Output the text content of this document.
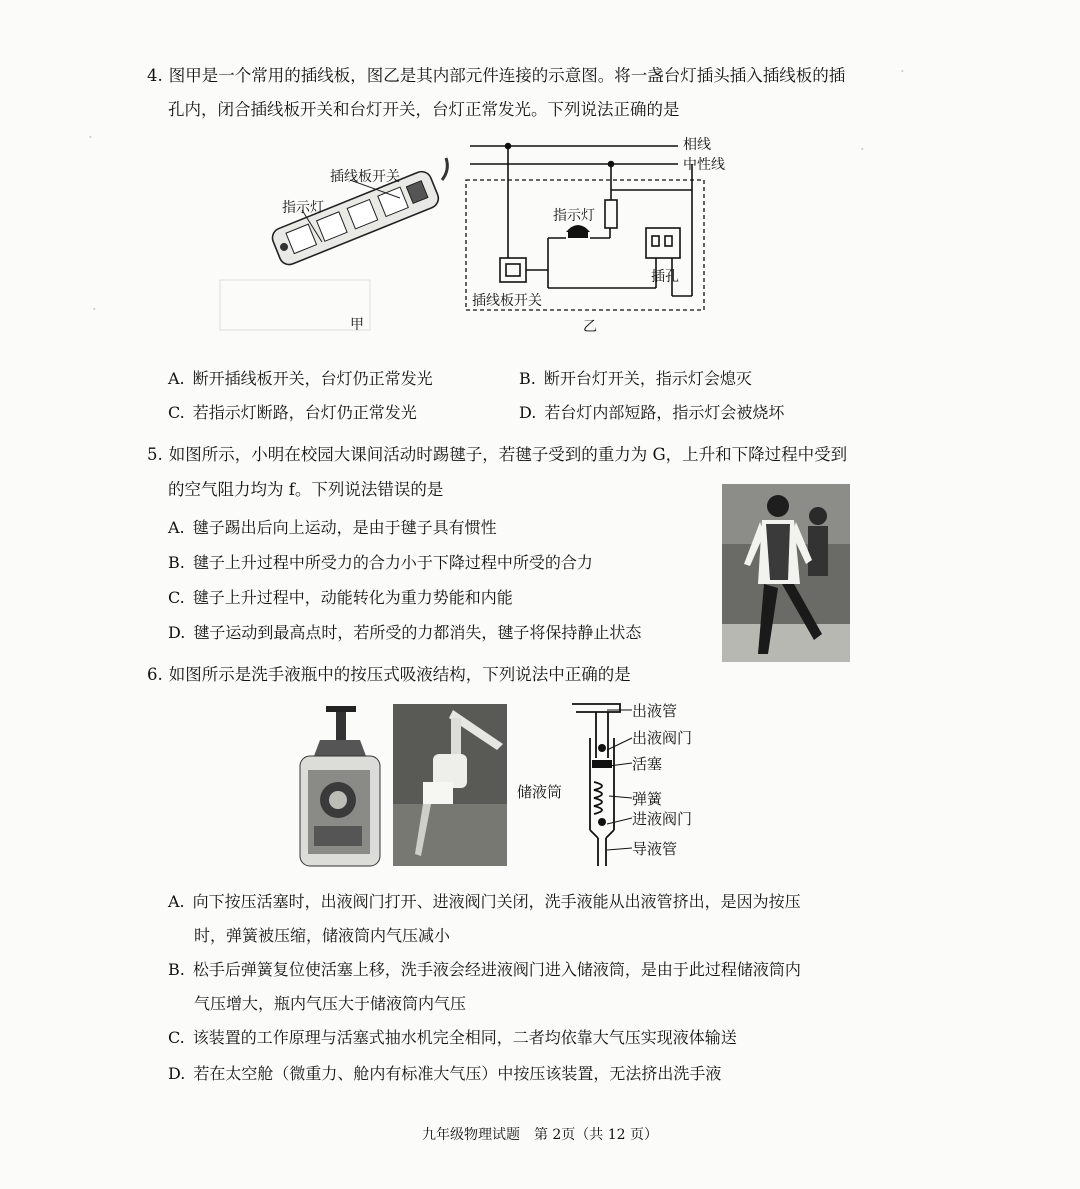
·
·
·
·
4. 图甲是一个常用的插线板，图乙是其内部元件连接的示意图。将一盏台灯插头插入插线板的插
孔内，闭合插线板开关和台灯开关，台灯正常发光。下列说法正确的是
插线板开关
指示灯
甲
相线
中性线
指示灯
插线板开关
插孔
乙
A. 断开插线板开关，台灯仍正常发光	B. 断开台灯开关，指示灯会熄灭
C. 若指示灯断路，台灯仍正常发光	D. 若台灯内部短路，指示灯会被烧坏
5. 如图所示，小明在校园大课间活动时踢毽子，若毽子受到的重力为 G，上升和下降过程中受到
的空气阻力均为 f。下列说法错误的是
A. 毽子踢出后向上运动，是由于毽子具有惯性
B. 毽子上升过程中所受力的合力小于下降过程中所受的合力
C. 毽子上升过程中，动能转化为重力势能和内能
D. 毽子运动到最高点时，若所受的力都消失，毽子将保持静止状态
6. 如图所示是洗手液瓶中的按压式吸液结构，下列说法中正确的是
出液管
出液阀门
活塞
储液筒	弹簧
进液阀门
导液管
A. 向下按压活塞时，出液阀门打开、进液阀门关闭，洗手液能从出液管挤出，是因为按压
时，弹簧被压缩，储液筒内气压减小
B. 松手后弹簧复位使活塞上移，洗手液会经进液阀门进入储液筒，是由于此过程储液筒内
气压增大，瓶内气压大于储液筒内气压
C. 该装置的工作原理与活塞式抽水机完全相同，二者均依靠大气压实现液体输送
D. 若在太空舱（微重力、舱内有标准大气压）中按压该装置，无法挤出洗手液
九年级物理试题　第 2页（共 12 页）
